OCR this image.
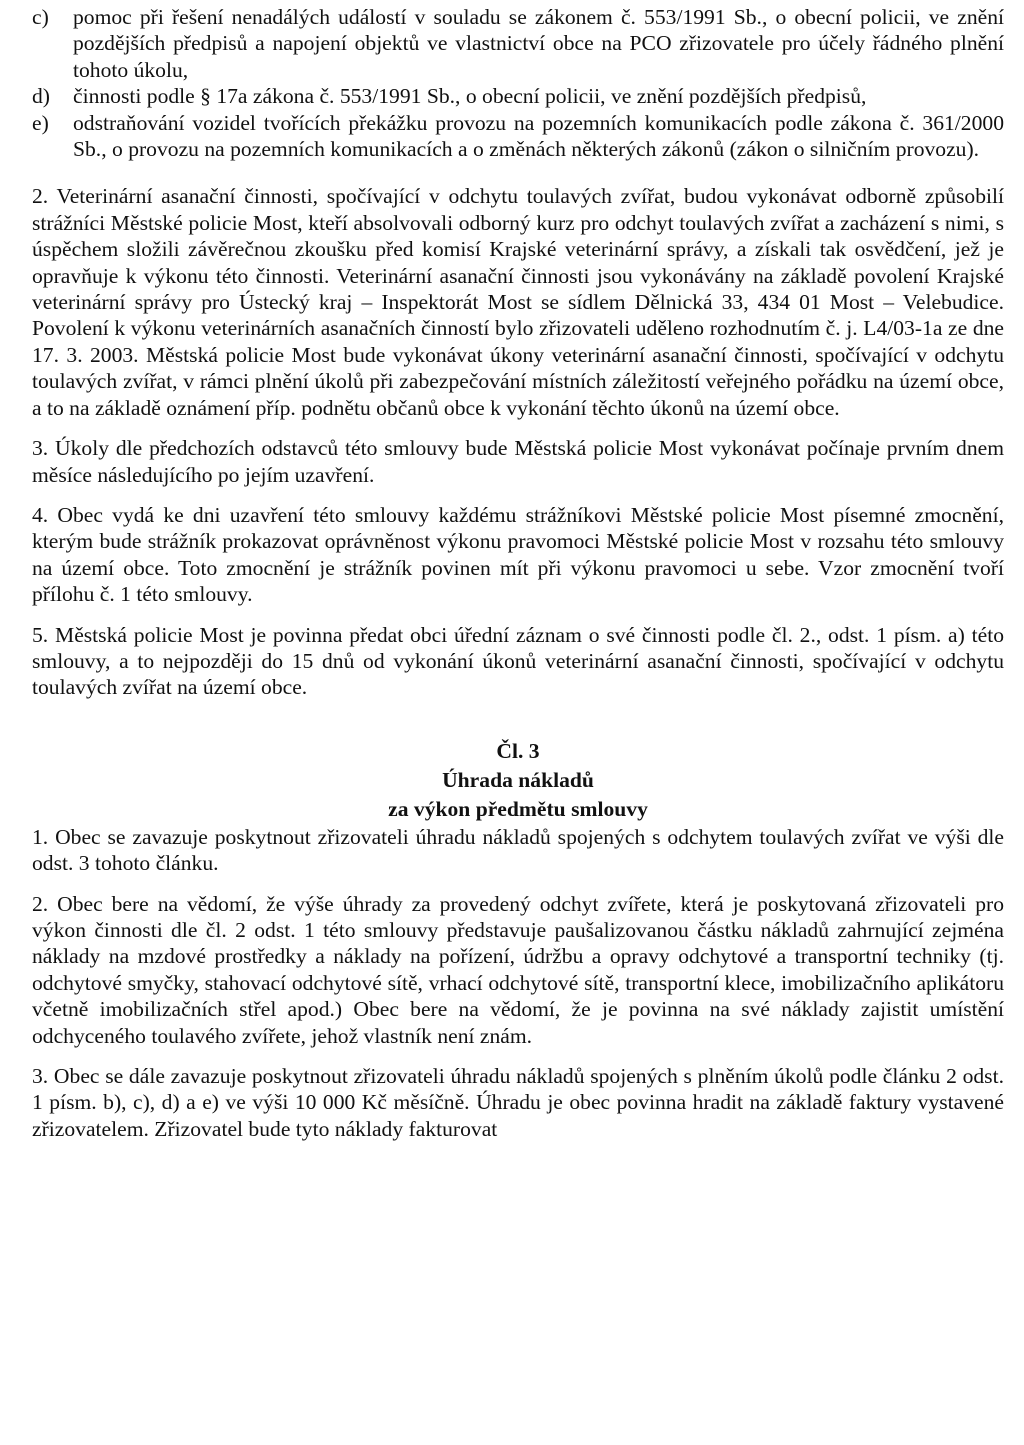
c)	pomoc při řešení nenadálých událostí v souladu se zákonem č. 553/1991 Sb., o obecní policii, ve znění pozdějších předpisů a napojení objektů ve vlastnictví obce na PCO zřizovatele pro účely řádného plnění tohoto úkolu,
d)	činnosti podle § 17a zákona č. 553/1991 Sb., o obecní policii, ve znění pozdějších předpisů,
e)	odstraňování vozidel tvořících překážku provozu na pozemních komunikacích podle zákona č. 361/2000 Sb., o provozu na pozemních komunikacích a o změnách některých zákonů (zákon o silničním provozu).

2. Veterinární asanační činnosti, spočívající v odchytu toulavých zvířat, budou vykonávat odborně způsobilí strážníci Městské policie Most, kteří absolvovali odborný kurz pro odchyt toulavých zvířat a zacházení s nimi, s úspěchem složili závěrečnou zkoušku před komisí Krajské veterinární správy, a získali tak osvědčení, jež je opravňuje k výkonu této činnosti. Veterinární asanační činnosti jsou vykonávány na základě povolení Krajské veterinární správy pro Ústecký kraj – Inspektorát Most se sídlem Dělnická 33, 434 01 Most – Velebudice. Povolení k výkonu veterinárních asanačních činností bylo zřizovateli uděleno rozhodnutím č. j. L4/03-1a ze dne 17. 3. 2003. Městská policie Most bude vykonávat úkony veterinární asanační činnosti, spočívající v odchytu toulavých zvířat, v rámci plnění úkolů při zabezpečování místních záležitostí veřejného pořádku na území obce, a to na základě oznámení příp. podnětu občanů obce k vykonání těchto úkonů na území obce.

3. Úkoly dle předchozích odstavců této smlouvy bude Městská policie Most vykonávat počínaje prvním dnem měsíce následujícího po jejím uzavření.

4. Obec vydá ke dni uzavření této smlouvy každému strážníkovi Městské policie Most písemné zmocnění, kterým bude strážník prokazovat oprávněnost výkonu pravomoci Městské policie Most v rozsahu této smlouvy na území obce. Toto zmocnění je strážník povinen mít při výkonu pravomoci u sebe. Vzor zmocnění tvoří přílohu č. 1 této smlouvy.

5. Městská policie Most je povinna předat obci úřední záznam o své činnosti podle čl. 2., odst. 1 písm. a) této smlouvy, a to nejpozději do 15 dnů od vykonání úkonů veterinární asanační činnosti, spočívající v odchytu toulavých zvířat na území obce.

Čl. 3
Úhrada nákladů
za výkon předmětu smlouvy

1. Obec se zavazuje poskytnout zřizovateli úhradu nákladů spojených s odchytem toulavých zvířat ve výši dle odst. 3 tohoto článku.

2. Obec bere na vědomí, že výše úhrady za provedený odchyt zvířete, která je poskytovaná zřizovateli pro výkon činnosti dle čl. 2 odst. 1 této smlouvy představuje paušalizovanou částku nákladů zahrnující zejména náklady na mzdové prostředky a náklady na pořízení, údržbu a opravy odchytové a transportní techniky (tj. odchytové smyčky, stahovací odchytové sítě, vrhací odchytové sítě, transportní klece, imobilizačního aplikátoru včetně imobilizačních střel apod.) Obec bere na vědomí, že je povinna na své náklady zajistit umístění odchyceného toulavého zvířete, jehož vlastník není znám.

3. Obec se dále zavazuje poskytnout zřizovateli úhradu nákladů spojených s plněním úkolů podle článku 2 odst. 1 písm. b), c), d) a e) ve výši 10 000 Kč měsíčně. Úhradu je obec povinna hradit na základě faktury vystavené zřizovatelem. Zřizovatel bude tyto náklady fakturovat
